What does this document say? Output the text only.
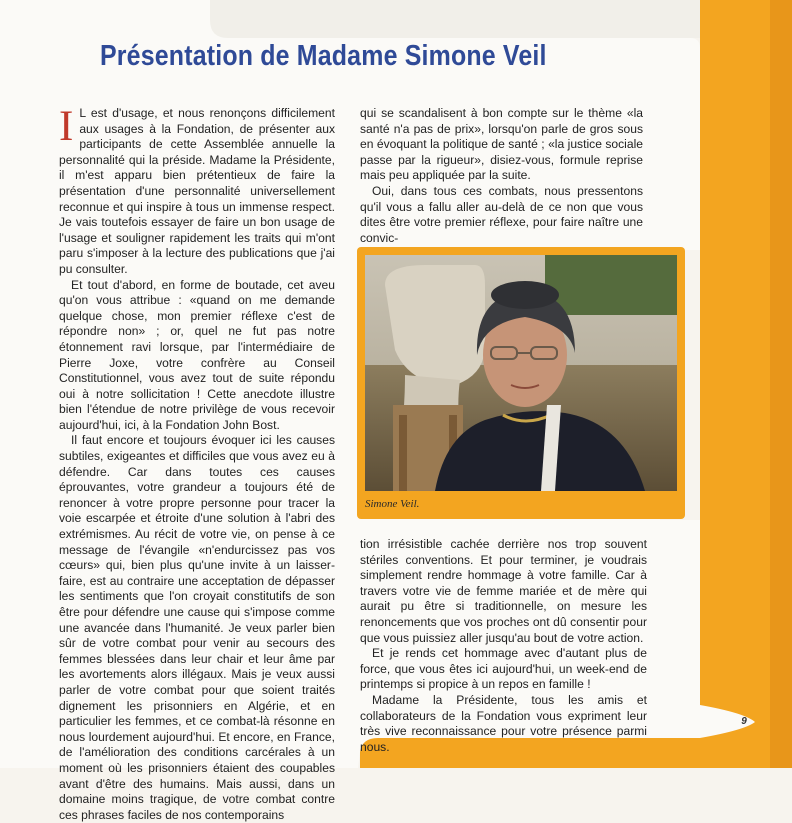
Présentation de Madame Simone Veil

I L est d'usage, et nous renonçons difficilement aux usages à la Fondation, de présenter aux participants de cette Assemblée annuelle la personnalité qui la préside. Madame la Présidente, il m'est apparu bien prétentieux de faire la présentation d'une personnalité universellement reconnue et qui inspire à tous un immense respect. Je vais toutefois essayer de faire un bon usage de l'usage et souligner rapidement les traits qui m'ont paru s'imposer à la lecture des publications que j'ai pu consulter.

Et tout d'abord, en forme de boutade, cet aveu qu'on vous attribue : «quand on me demande quelque chose, mon premier réflexe c'est de répondre non» ; or, quel ne fut pas notre étonnement ravi lorsque, par l'intermédiaire de Pierre Joxe, votre confrère au Conseil Constitutionnel, vous avez tout de suite répondu oui à notre sollicitation ! Cette anecdote illustre bien l'étendue de notre privilège de vous recevoir aujourd'hui, ici, à la Fondation John Bost.

Il faut encore et toujours évoquer ici les causes subtiles, exigeantes et difficiles que vous avez eu à défendre. Car dans toutes ces causes éprouvantes, votre grandeur a toujours été de renoncer à votre propre personne pour tracer la voie escarpée et étroite d'une solution à l'abri des extrémismes. Au récit de votre vie, on pense à ce message de l'évangile «n'endurcissez pas vos cœurs» qui, bien plus qu'une invite à un laisser-faire, est au contraire une acceptation de dépasser les sentiments que l'on croyait constitutifs de son être pour défendre une cause qui s'impose comme une avancée dans l'humanité. Je veux parler bien sûr de votre combat pour venir au secours des femmes blessées dans leur chair et leur âme par les avortements alors illégaux. Mais je veux aussi parler de votre combat pour que soient traités dignement les prisonniers en Algérie, et en particulier les femmes, et ce combat-là résonne en nous lourdement aujourd'hui. Et encore, en France, de l'amélioration des conditions carcérales à un moment où les prisonniers étaient des coupables avant d'être des humains. Mais aussi, dans un domaine moins tragique, de votre combat contre ces phrases faciles de nos contemporains

qui se scandalisent à bon compte sur le thème «la santé n'a pas de prix», lorsqu'on parle de gros sous en évoquant la politique de santé ; «la justice sociale passe par la rigueur», disiez-vous, formule reprise mais peu appliquée par la suite.

Oui, dans tous ces combats, nous pressentons qu'il vous a fallu aller au-delà de ce non que vous dites être votre premier réflexe, pour faire naître une convic-

Simone Veil.

tion irrésistible cachée derrière nos trop souvent stériles conventions. Et pour terminer, je voudrais simplement rendre hommage à votre famille. Car à travers votre vie de femme mariée et de mère qui aurait pu être si traditionnelle, on mesure les renoncements que vos proches ont dû consentir pour que vous puissiez aller jusqu'au bout de votre action.

Et je rends cet hommage avec d'autant plus de force, que vous êtes ici aujourd'hui, un week-end de printemps si propice à un repos en famille !

Madame la Présidente, tous les amis et collaborateurs de la Fondation vous expriment leur très vive reconnaissance pour votre présence parmi nous.

9
